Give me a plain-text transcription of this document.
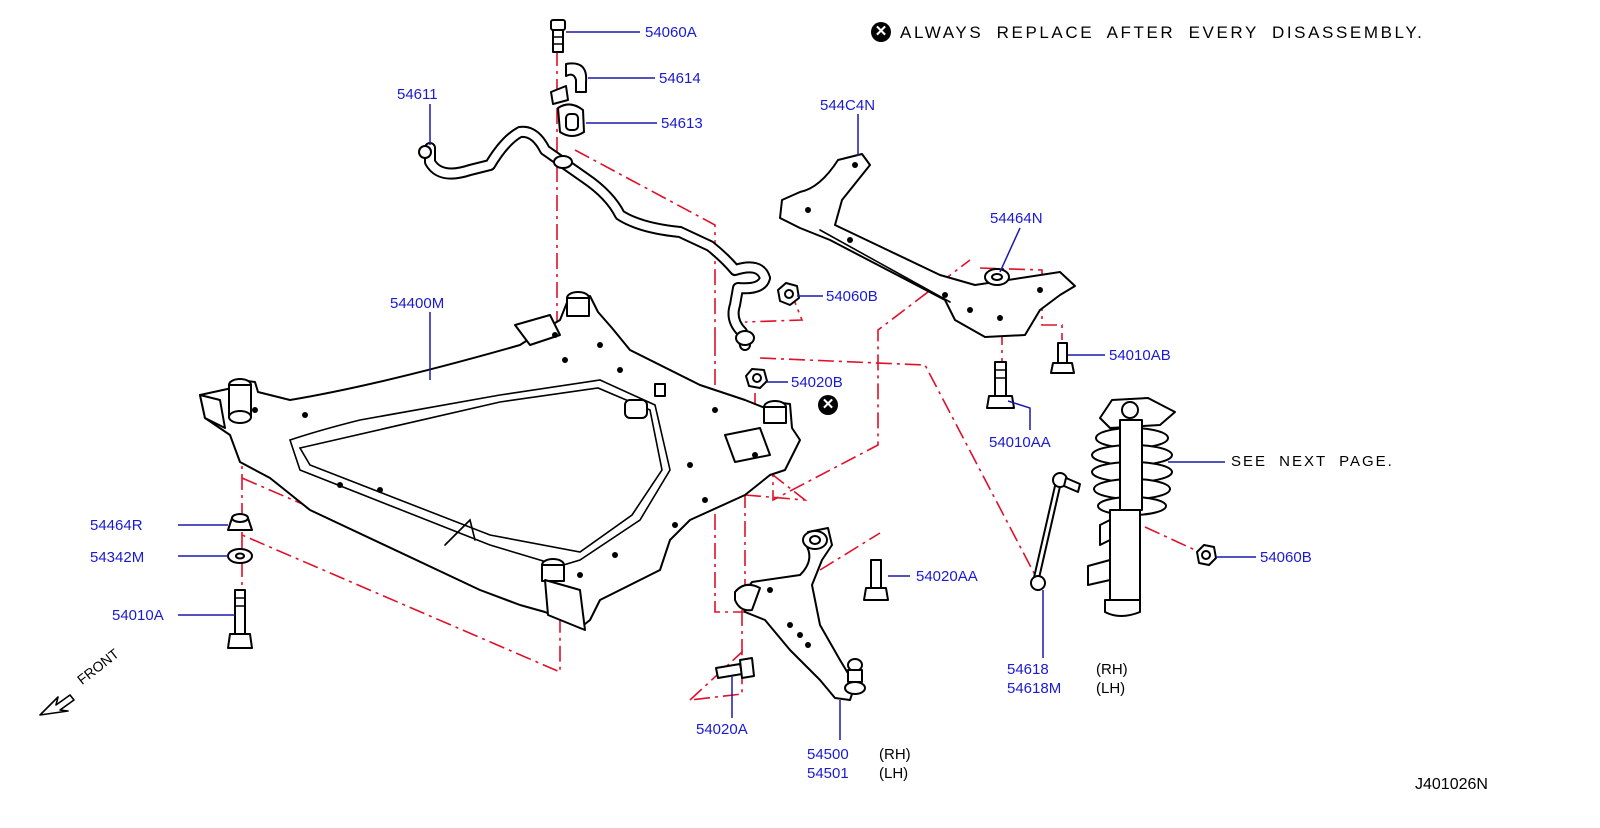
✕ ALWAYS REPLACE AFTER EVERY DISASSEMBLY.
✕
54060A
54614
54613
54611
544C4N
54464N
54060B
54400M
54020B
54010AB
54010AA
SEE NEXT PAGE.
54464R
54342M
54020AA
54060B
54010A
54618	(RH)
54618M (LH)
FRONT
54020A
54500 (RH)
54501 (LH)
J401026N
